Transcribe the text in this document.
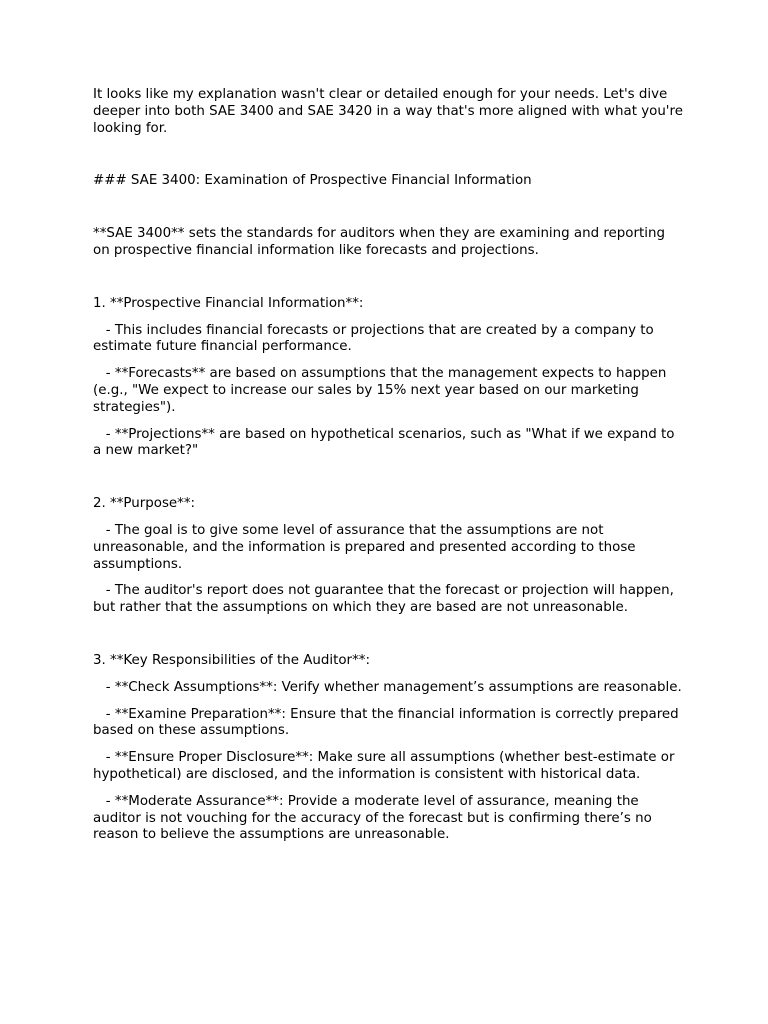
It looks like my explanation wasn't clear or detailed enough for your needs. Let's dive deeper into both SAE 3400 and SAE 3420 in a way that's more aligned with what you're looking for.

### SAE 3400: Examination of Prospective Financial Information

**SAE 3400** sets the standards for auditors when they are examining and reporting on prospective financial information like forecasts and projections.

1. **Prospective Financial Information**:

- This includes financial forecasts or projections that are created by a company to estimate future financial performance.

- **Forecasts** are based on assumptions that the management expects to happen (e.g., "We expect to increase our sales by 15% next year based on our marketing strategies").

- **Projections** are based on hypothetical scenarios, such as "What if we expand to a new market?"

2. **Purpose**:

- The goal is to give some level of assurance that the assumptions are not unreasonable, and the information is prepared and presented according to those assumptions.

- The auditor's report does not guarantee that the forecast or projection will happen, but rather that the assumptions on which they are based are not unreasonable.

3. **Key Responsibilities of the Auditor**:

- **Check Assumptions**: Verify whether management’s assumptions are reasonable.

- **Examine Preparation**: Ensure that the financial information is correctly prepared based on these assumptions.

- **Ensure Proper Disclosure**: Make sure all assumptions (whether best-estimate or hypothetical) are disclosed, and the information is consistent with historical data.

- **Moderate Assurance**: Provide a moderate level of assurance, meaning the auditor is not vouching for the accuracy of the forecast but is confirming there’s no reason to believe the assumptions are unreasonable.
